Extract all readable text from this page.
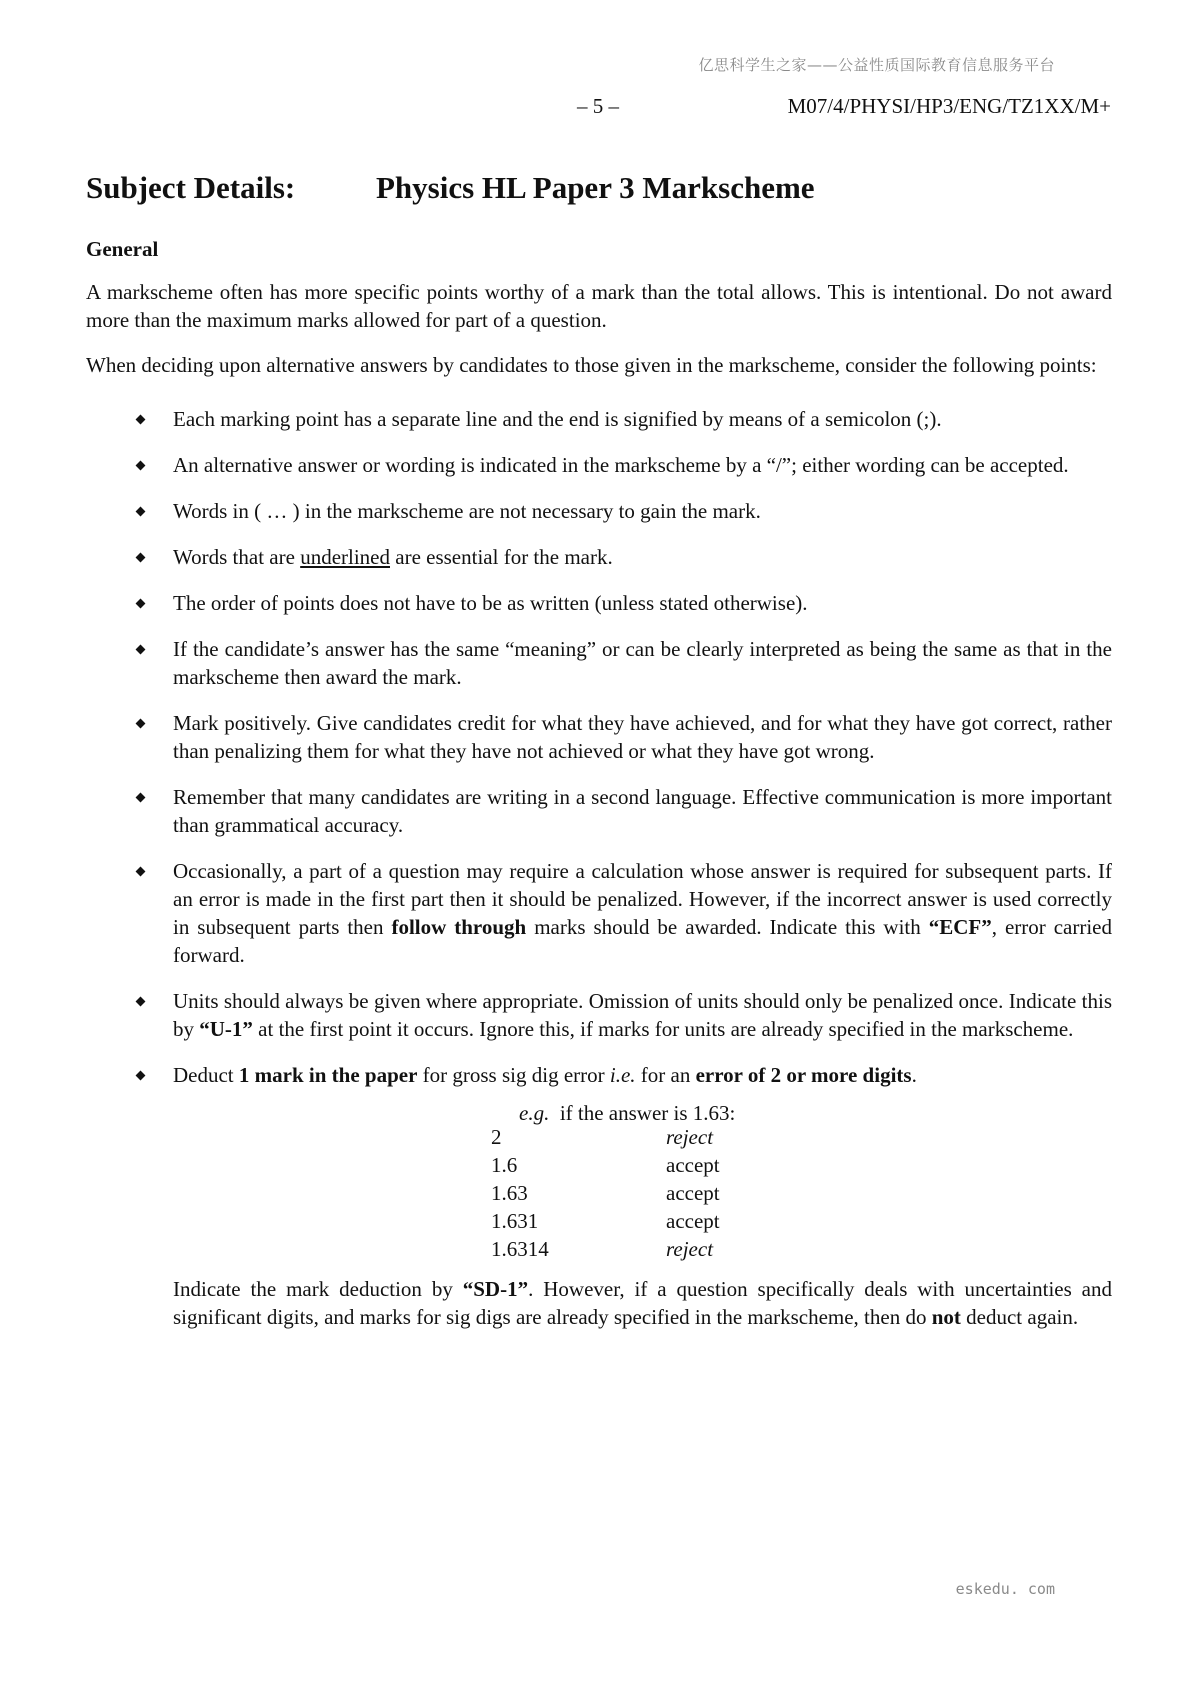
亿思科学生之家——公益性质国际教育信息服务平台
– 5 –	M07/4/PHYSI/HP3/ENG/TZ1XX/M+
Subject Details:	Physics HL Paper 3 Markscheme

General

A markscheme often has more specific points worthy of a mark than the total allows. This is intentional. Do not award more than the maximum marks allowed for part of a question.

When deciding upon alternative answers by candidates to those given in the markscheme, consider the following points:

Each marking point has a separate line and the end is signified by means of a semicolon (;).
An alternative answer or wording is indicated in the markscheme by a “/”; either wording can be accepted.
Words in ( … ) in the markscheme are not necessary to gain the mark.
Words that are underlined are essential for the mark.
The order of points does not have to be as written (unless stated otherwise).
If the candidate’s answer has the same “meaning” or can be clearly interpreted as being the same as that in the markscheme then award the mark.
Mark positively. Give candidates credit for what they have achieved, and for what they have got correct, rather than penalizing them for what they have not achieved or what they have got wrong.
Remember that many candidates are writing in a second language. Effective communication is more important than grammatical accuracy.
Occasionally, a part of a question may require a calculation whose answer is required for subsequent parts. If an error is made in the first part then it should be penalized. However, if the incorrect answer is used correctly in subsequent parts then follow through marks should be awarded. Indicate this with “ECF”, error carried forward.
Units should always be given where appropriate. Omission of units should only be penalized once. Indicate this by “U-1” at the first point it occurs. Ignore this, if marks for units are already specified in the markscheme.
Deduct 1 mark in the paper for gross sig dig error i.e. for an error of 2 or more digits.
e.g.  if the answer is 1.63:
2	reject
1.6	accept
1.63	accept
1.631	accept
1.6314	reject

Indicate the mark deduction by “SD-1”. However, if a question specifically deals with uncertainties and significant digits, and marks for sig digs are already specified in the markscheme, then do not deduct again.

eskedu. com
